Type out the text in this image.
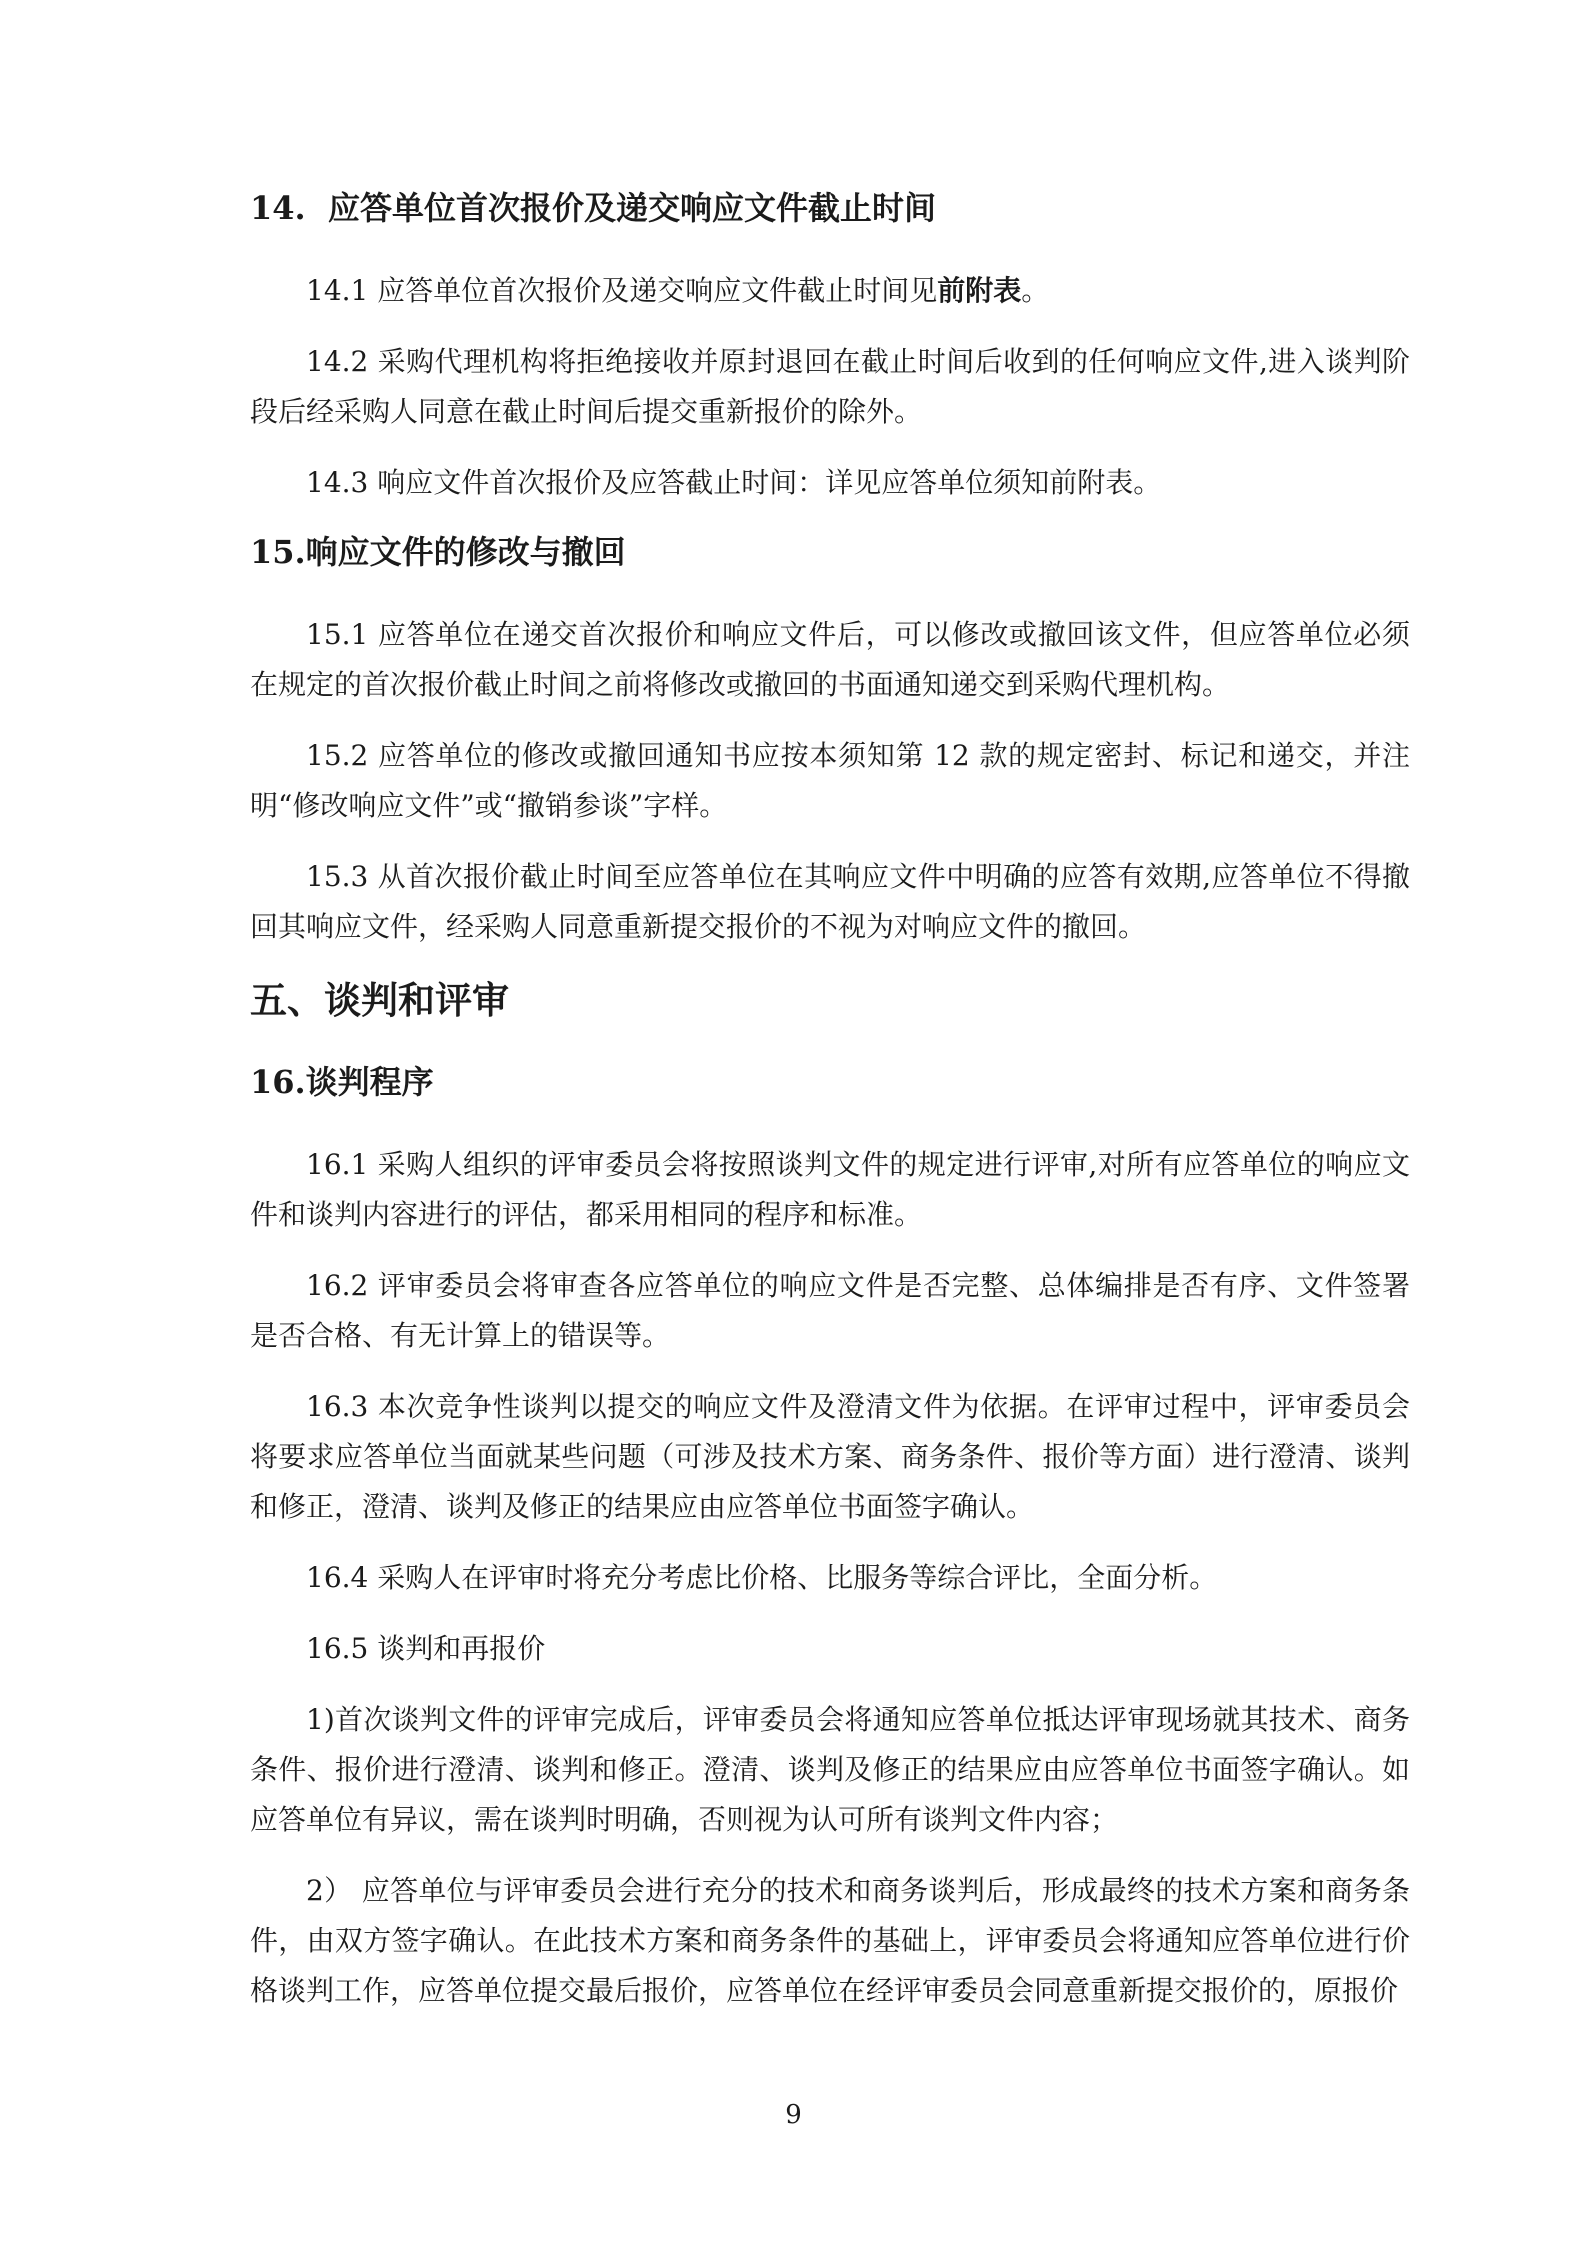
14.  应答单位首次报价及递交响应文件截止时间

14.1 应答单位首次报价及递交响应文件截止时间见前附表。

14.2 采购代理机构将拒绝接收并原封退回在截止时间后收到的任何响应文件,进入谈判阶段后经采购人同意在截止时间后提交重新报价的除外。

14.3 响应文件首次报价及应答截止时间：详见应答单位须知前附表。

15.响应文件的修改与撤回

15.1 应答单位在递交首次报价和响应文件后，可以修改或撤回该文件，但应答单位必须在规定的首次报价截止时间之前将修改或撤回的书面通知递交到采购代理机构。

15.2 应答单位的修改或撤回通知书应按本须知第 12 款的规定密封、标记和递交，并注明“修改响应文件”或“撤销参谈”字样。

15.3 从首次报价截止时间至应答单位在其响应文件中明确的应答有效期,应答单位不得撤回其响应文件，经采购人同意重新提交报价的不视为对响应文件的撤回。

五、谈判和评审
16.谈判程序

16.1 采购人组织的评审委员会将按照谈判文件的规定进行评审,对所有应答单位的响应文件和谈判内容进行的评估，都采用相同的程序和标准。

16.2 评审委员会将审查各应答单位的响应文件是否完整、总体编排是否有序、文件签署是否合格、有无计算上的错误等。

16.3 本次竞争性谈判以提交的响应文件及澄清文件为依据。在评审过程中，评审委员会将要求应答单位当面就某些问题（可涉及技术方案、商务条件、报价等方面）进行澄清、谈判和修正，澄清、谈判及修正的结果应由应答单位书面签字确认。

16.4 采购人在评审时将充分考虑比价格、比服务等综合评比，全面分析。

16.5 谈判和再报价

1)首次谈判文件的评审完成后，评审委员会将通知应答单位抵达评审现场就其技术、商务条件、报价进行澄清、谈判和修正。澄清、谈判及修正的结果应由应答单位书面签字确认。如应答单位有异议，需在谈判时明确，否则视为认可所有谈判文件内容；

2） 应答单位与评审委员会进行充分的技术和商务谈判后，形成最终的技术方案和商务条件，由双方签字确认。在此技术方案和商务条件的基础上，评审委员会将通知应答单位进行价格谈判工作，应答单位提交最后报价，应答单位在经评审委员会同意重新提交报价的，原报价

9
